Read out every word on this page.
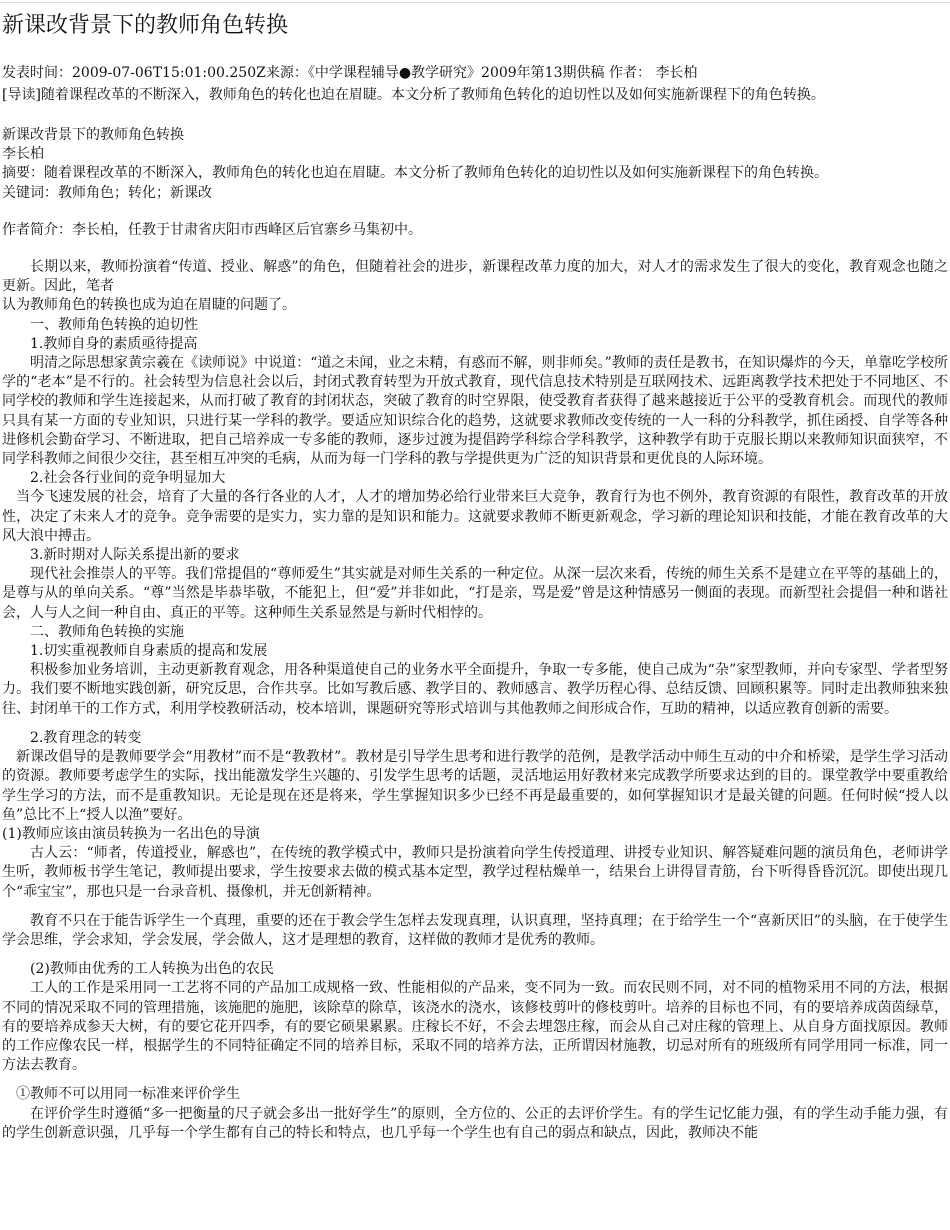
新课改背景下的教师角色转换
发表时间：2009-07-06T15:01:00.250Z来源：《中学课程辅导●教学研究》2009年第13期供稿 作者： 李长柏
[导读]随着课程改革的不断深入，教师角色的转化也迫在眉睫。本文分析了教师角色转化的迫切性以及如何实施新课程下的角色转换。
新课改背景下的教师角色转换
李长柏
摘要：随着课程改革的不断深入，教师角色的转化也迫在眉睫。本文分析了教师角色转化的迫切性以及如何实施新课程下的角色转换。
关键词：教师角色；转化；新课改
作者简介：李长柏，任教于甘肃省庆阳市西峰区后官寨乡马集初中。

长期以来，教师扮演着“传道、授业、解惑”的角色，但随着社会的进步，新课程改革力度的加大，对人才的需求发生了很大的变化，教育观念也随之更新。因此，笔者

认为教师角色的转换也成为迫在眉睫的问题了。

一、教师角色转换的迫切性

1.教师自身的素质亟待提高

明清之际思想家黄宗羲在《读师说》中说道：“道之未闻，业之未精，有惑而不解，则非师矣。”教师的责任是教书，在知识爆炸的今天，单靠吃学校所学的“老本”是不行的。社会转型为信息社会以后，封闭式教育转型为开放式教育，现代信息技术特别是互联网技术、远距离教学技术把处于不同地区、不同学校的教师和学生连接起来，从而打破了教育的封闭状态，突破了教育的时空界限，使受教育者获得了越来越接近于公平的受教育机会。而现代的教师只具有某一方面的专业知识，只进行某一学科的教学。要适应知识综合化的趋势，这就要求教师改变传统的一人一科的分科教学，抓住函授、自学等各种进修机会勤奋学习、不断进取，把自己培养成一专多能的教师，逐步过渡为提倡跨学科综合学科教学，这种教学有助于克服长期以来教师知识面狭窄，不同学科教师之间很少交往，甚至相互冲突的毛病，从而为每一门学科的教与学提供更为广泛的知识背景和更优良的人际环境。

2.社会各行业间的竞争明显加大

当今飞速发展的社会，培育了大量的各行各业的人才，人才的增加势必给行业带来巨大竞争，教育行为也不例外，教育资源的有限性，教育改革的开放性，决定了未来人才的竞争。竞争需要的是实力，实力靠的是知识和能力。这就要求教师不断更新观念，学习新的理论知识和技能，才能在教育改革的大风大浪中搏击。

3.新时期对人际关系提出新的要求

现代社会推崇人的平等。我们常提倡的“尊师爱生”其实就是对师生关系的一种定位。从深一层次来看，传统的师生关系不是建立在平等的基础上的，是尊与从的单向关系。“尊”当然是毕恭毕敬，不能犯上，但“爱”并非如此，“打是亲，骂是爱”曾是这种情感另一侧面的表现。而新型社会提倡一种和谐社会，人与人之间一种自由、真正的平等。这种师生关系显然是与新时代相悖的。

二、教师角色转换的实施

1.切实重视教师自身素质的提高和发展

积极参加业务培训，主动更新教育观念，用各种渠道使自己的业务水平全面提升，争取一专多能，使自己成为“杂”家型教师，并向专家型、学者型努力。我们要不断地实践创新，研究反思，合作共享。比如写教后感、教学目的、教师感言、教学历程心得、总结反馈、回顾积累等。同时走出教师独来独往、封闭单干的工作方式，利用学校教研活动，校本培训，课题研究等形式培训与其他教师之间形成合作，互助的精神，以适应教育创新的需要。

2.教育理念的转变

新课改倡导的是教师要学会“用教材”而不是“教教材”。教材是引导学生思考和进行教学的范例，是教学活动中师生互动的中介和桥梁，是学生学习活动的资源。教师要考虑学生的实际，找出能激发学生兴趣的、引发学生思考的话题，灵活地运用好教材来完成教学所要求达到的目的。课堂教学中要重教给学生学习的方法，而不是重教知识。无论是现在还是将来，学生掌握知识多少已经不再是最重要的，如何掌握知识才是最关键的问题。任何时候“授人以鱼”总比不上“授人以渔”要好。

(1)教师应该由演员转换为一名出色的导演

古人云：“师者，传道授业，解惑也”，在传统的教学模式中，教师只是扮演着向学生传授道理、讲授专业知识、解答疑难问题的演员角色，老师讲学生听，教师板书学生笔记，教师提出要求，学生按要求去做的模式基本定型，教学过程枯燥单一，结果台上讲得冒青筋，台下听得昏昏沉沉。即使出现几个“乖宝宝”，那也只是一台录音机、摄像机，并无创新精神。

教育不只在于能告诉学生一个真理，重要的还在于教会学生怎样去发现真理，认识真理，坚持真理；在于给学生一个“喜新厌旧”的头脑，在于使学生学会思维，学会求知，学会发展，学会做人，这才是理想的教育，这样做的教师才是优秀的教师。

(2)教师由优秀的工人转换为出色的农民

工人的工作是采用同一工艺将不同的产品加工成规格一致、性能相似的产品来，变不同为一致。而农民则不同，对不同的植物采用不同的方法，根据不同的情况采取不同的管理措施，该施肥的施肥，该除草的除草，该浇水的浇水，该修枝剪叶的修枝剪叶。培养的目标也不同，有的要培养成茵茵绿草，有的要培养成参天大树，有的要它花开四季，有的要它硕果累累。庄稼长不好，不会去埋怨庄稼，而会从自己对庄稼的管理上、从自身方面找原因。教师的工作应像农民一样，根据学生的不同特征确定不同的培养目标，采取不同的培养方法，正所谓因材施教，切忌对所有的班级所有同学用同一标准，同一方法去教育。

①教师不可以用同一标准来评价学生

在评价学生时遵循“多一把衡量的尺子就会多出一批好学生”的原则，全方位的、公正的去评价学生。有的学生记忆能力强，有的学生动手能力强，有的学生创新意识强，几乎每一个学生都有自己的特长和特点，也几乎每一个学生也有自己的弱点和缺点，因此，教师决不能
